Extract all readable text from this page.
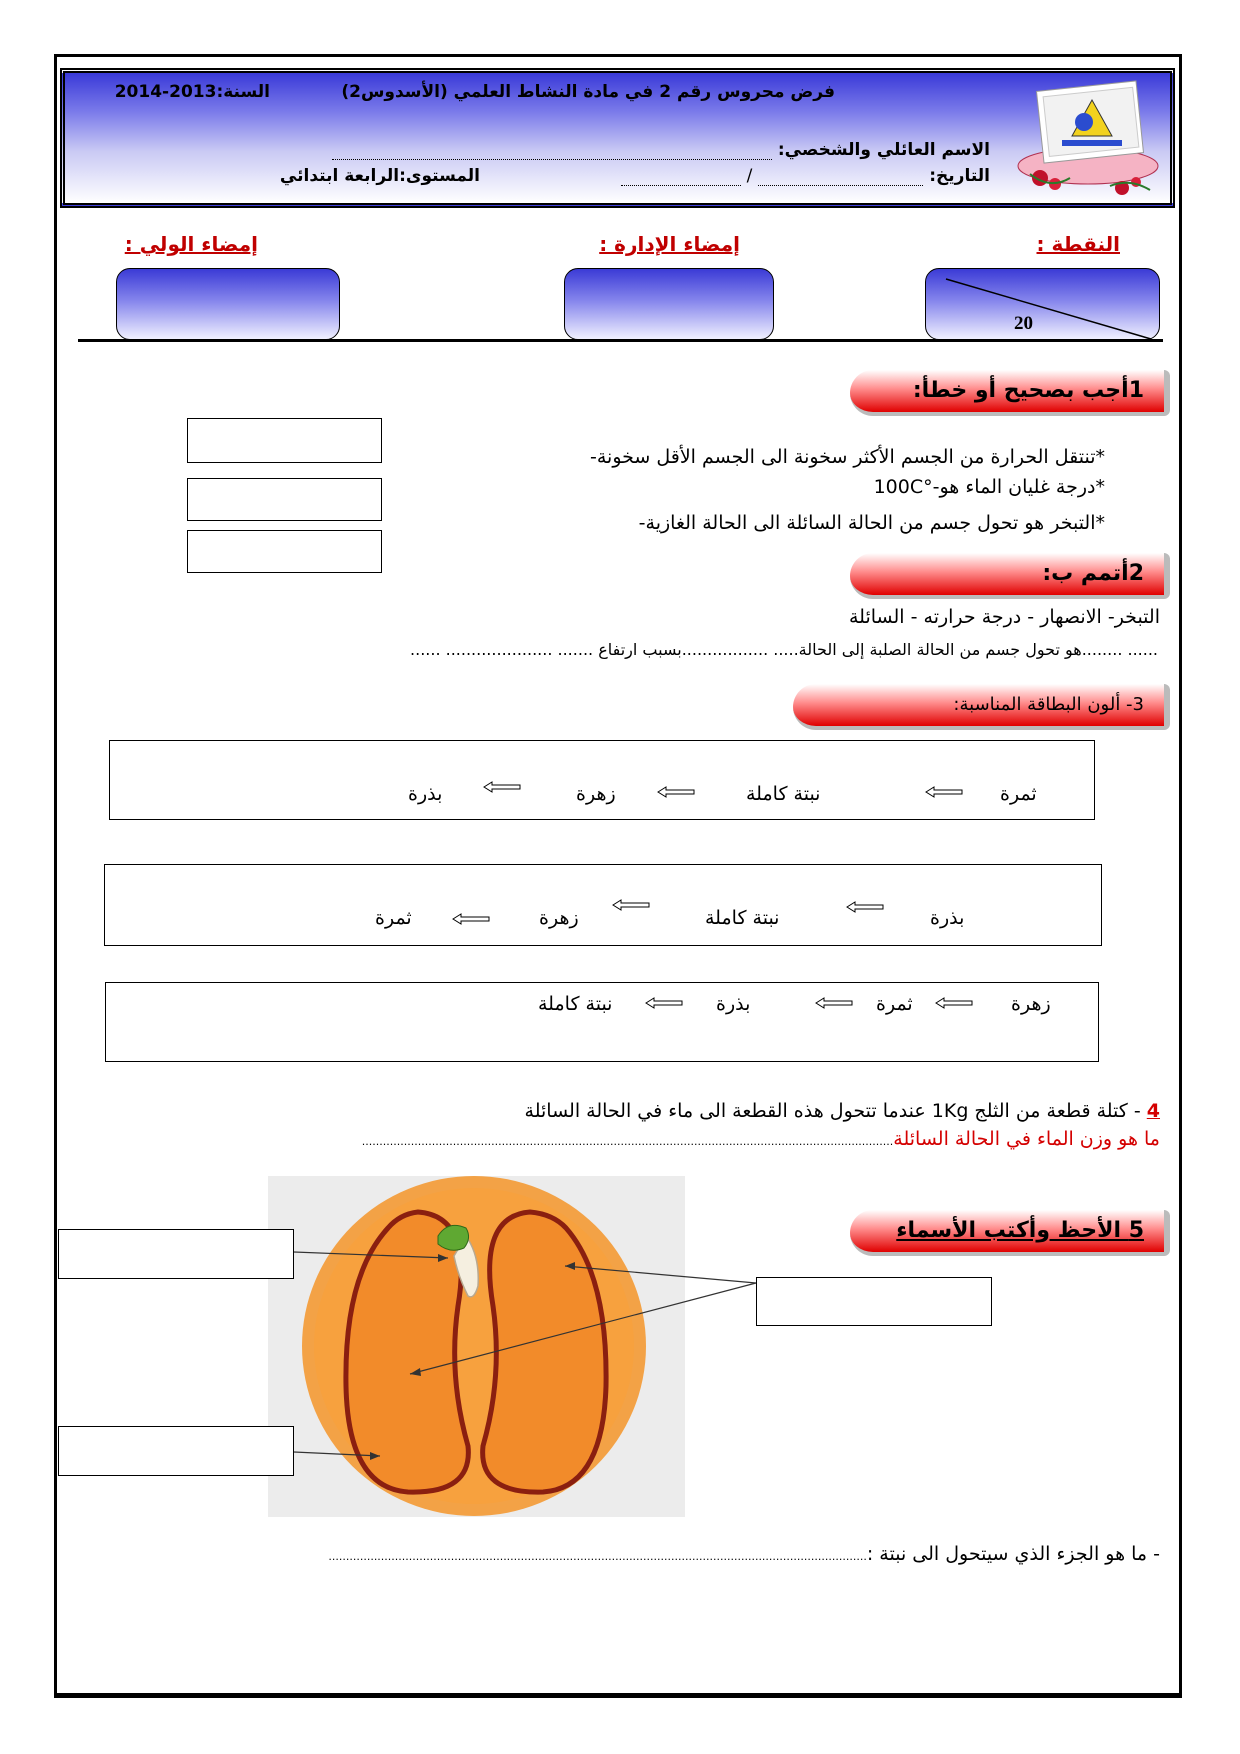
فرض محروس رقم 2 في مادة النشاط العلمي (الأسدوس2)
السنة:2013-2014
الاسم العائلي والشخصي:
التاريخ:  /
المستوى:الرابعة ابتدائي
النقطة :
إمضاء الإدارة :
إمضاء الولي :
20
1أجب بصحيح أو خطأ:
*تنتقل الحرارة من الجسم الأكثر سخونة الى الجسم الأقل سخونة-
*درجة غليان الماء هو-°100C
*التبخر هو تحول جسم من الحالة السائلة الى الحالة الغازية-
2أتمم ب:
التبخر- الانصهار - درجة حرارته - السائلة
...... ........هو تحول جسم من الحالة الصلبة إلى الحالة..... .................بسبب ارتفاع ....... ..................... ......
3- ألون البطاقة المناسبة:
ثمرة
نبتة كاملة
زهرة
بذرة
بذرة
نبتة كاملة
زهرة
ثمرة
زهرة
ثمرة
بذرة
نبتة كاملة
4 - كتلة قطعة من الثلج 1Kg عندما تتحول هذه القطعة الى ماء في الحالة السائلة
ما هو وزن الماء في الحالة السائلة........................................................................................................................................................
5 الأحظ وأكتب الأسماء
- ما هو الجزء الذي سيتحول الى نبتة :..........................................................................................................................................................
